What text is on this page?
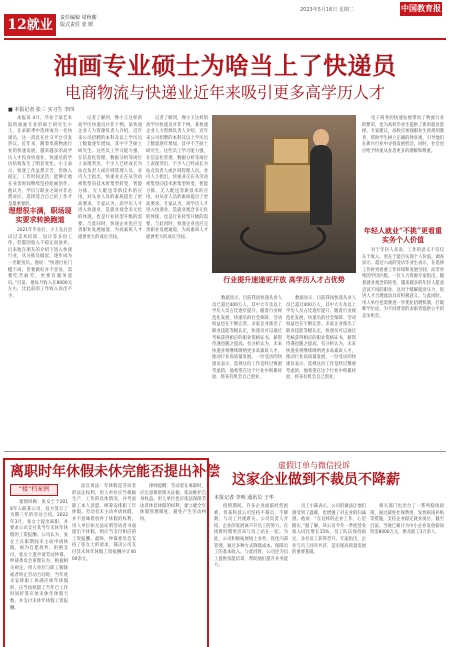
12就业	责任编辑 周秋蘅
版式责任 张 媛
2023年5月16日 星期二	中国教育报
油画专业硕士为啥当上了快递员
电商物流与快递业近年来吸引更多高学历人才
■ 本报记者 张三 实习生 李四

本报讯 4月，毕业于某艺术院校油画专业的硕士研究生小王，在求职季中选择成为一名快递员，这一消息在社交平台引发热议。近年来，随着电商物流行业的快速发展，越来越多的高学历人才投身快递业，快递员的学历结构发生了明显变化。小王表示，快递工作虽然辛苦，但收入稳定，工作时间灵活，能够让他在业余时间继续坚持绘画创作。他认为，学历与职业之间并非必然对应，选择适合自己的工作才是最重要的。

理想很丰满，职场现实要求转换跑道

2021年毕业后，小王先后尝试过美术培训、设计等多份工作，但都因收入不稳定而放弃。后来他在朋友的介绍下进入快递行业，从分拣员做起，逐步成为一名配送员。他说：“快递行业门槛不高，但要做好并不容易，需要吃苦耐劳，更要有服务意识。”目前，他每月收入在8000元左右，比此前的工作收入高出不少。

记者了解到，像小王这样的高学历快递员并非个例。某快递企业人力资源负责人介绍，近年来公司招聘的本科及以上学历员工数量逐年增加，其中不乏硕士研究生。这些员工学习能力强，在信息化管理、数据分析等岗位上表现突出，不少人已经成长为站点负责人或区域管理人员。业内人士指出，快递业正在从劳动密集型向技术密集型转变，智能分拣、无人配送等新技术的应用，对从业人员的素质提出了更高要求。专家认为，高学历人才进入快递业，是就业观念多元化的体现，也是行业转型升级的需要。与此同时，快递企业也应完善职业发展通道，为高素质人才提供更大的成长空间。

记者了解到，像小王这样的高学历快递员并非个例。某快递企业人力资源负责人介绍，近年来公司招聘的本科及以上学历员工数量逐年增加，其中不乏硕士研究生。这些员工学习能力强，在信息化管理、数据分析等岗位上表现突出，不少人已经成长为站点负责人或区域管理人员。业内人士指出，快递业正在从劳动密集型向技术密集型转变，智能分拣、无人配送等新技术的应用，对从业人员的素质提出了更高要求。专家认为，高学历人才进入快递业，是就业观念多元化的体现，也是行业转型升级的需要。与此同时，快递企业也应完善职业发展通道，为高素质人才提供更大的成长空间。

行业提升速递更开放 高学历人才占优势

数据显示，目前我国快递从业人员已超过400万人，其中大专及以上学历人员占比逐年提升。随着行业规范化发展，快递员的社会保障、劳动权益也在不断完善。多家企业推出了职业技能等级认定，快递员可以通过考核获得相应的职业资格证书，薪资待遇也随之提高。有分析认为，未来快递业将继续吸纳更多高素质人才，推动行业高质量发展。一位受访的快递员表示，选择这份工作是经过慎重考虑的，他希望在这个行业中积累经验，将来有机会自己创业。

数据显示，目前我国快递从业人员已超过400万人，其中大专及以上学历人员占比逐年提升。随着行业规范化发展，快递员的社会保障、劳动权益也在不断完善。多家企业推出了职业技能等级认定，快递员可以通过考核获得相应的职业资格证书，薪资待遇也随之提高。有分析认为，未来快递业将继续吸纳更多高素质人才，推动行业高质量发展。一位受访的快递员表示，选择这份工作是经过慎重考虑的，他希望在这个行业中积累经验，将来有机会自己创业。

电子商务的快速发展带动了物流行业的繁荣，也为高校毕业生提供了新的就业选择。专家建议，高校应加强职业生涯规划教育，帮助学生树立正确的择业观，引导他们在新兴行业中寻找发展机会。同时，社会也应给予快递从业者更多的理解和尊重。

年轻人就业“不挑”更看重实务个人价值

对于年轻人来说，工作的意义不仅仅在于收入，更在于能否实现个人价值。调查显示，超过六成的受访毕业生表示，在选择工作时更看重工作环境和发展空间，而非单纯的学历匹配。一位人力资源专家指出，随着就业观念的转变，越来越多的年轻人愿意尝试不同的职业，这对于缓解就业压力、促进人才合理流动具有积极意义。与此同时，用人单位也需要进一步优化招聘机制，打破唯学历论，为不同背景的求职者提供公平的竞争机会。

离职时年休假未休完能否提出补偿
“楼”档案例

案情回顾：张女士于2018年入职某公司，双方签订了为期三年的劳动合同。2022年3月，张女士提出离职，并要求公司支付其当年未休年休假的工资报酬。公司认为，张女士在职期间未主动申请休假，视为自愿放弃，拒绝支付。张女士遂申请劳动仲裁。仲裁委员会审理认为，根据相关规定，用人单位与职工解除或者终止劳动合同时，当年度未安排职工休满应休年休假的，应当按照职工当年已工作时间折算应休未休年休假天数，并支付未休年休假工资报酬。

法官说法：年休假是劳动者的法定权利，用人单位应当根据生产、工作的具体情况，并考虑职工本人意愿，统筹安排职工年休假。劳动者未主动申请休假，并不意味着放弃了休假的权利。用人单位如无法证明劳动者书面提出不休假，则应当支付相应的工资报酬。最终，仲裁委员会支持了张女士的请求，裁决公司支付其未休年休假工资报酬共计4000余元。

律师提醒：劳动者在离职时，应注意保留相关证据，依法维护自身权益。用人单位也应依法保障劳动者休息休假的权利，建立健全年休假管理制度，避免产生劳动纠纷。

虚假订单与微信投诉
这家企业做到不裁员不降薪
本报记者 李明 通讯员 王华

疫情期间，许多企业面临经营困难，但某科技公司坚持不裁员、不降薪，与员工共渡难关。公司负责人介绍，企业的发展离不开员工的努力，在困难时期更应该与员工站在一起。为此，公司积极拓展线上业务，优化内部管理，通过多种方式降低成本，保障员工的基本收入。与此同时，公司还为员工提供技能培训，帮助他们提升业务能力。

员工小陈表示，公司的做法让他们感受到了温暖，也增强了对企业的归属感。他说：“在这样的企业工作，心里踏实。”据了解，该公司今年一季度营业收入同比增长15%，员工队伍保持稳定，多名员工获得晋升。专家指出，企业与员工同舟共济，是实现高质量发展的重要基础。

相关部门也出台了一系列稳岗政策，通过减免社保费用、发放稳岗补贴等措施，支持企业稳定就业岗位。截至目前，当地已累计为中小企业发放稳岗资金8000万元，惠及职工3万余人。
